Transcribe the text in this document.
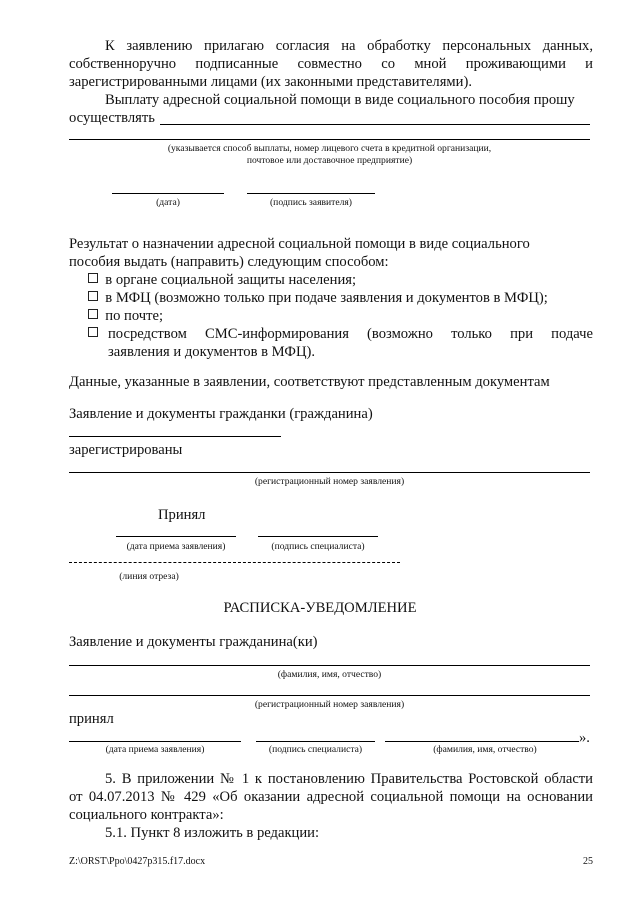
К заявлению прилагаю согласия на обработку персональных данных,
собственноручно подписанные совместно со мной проживающими и
зарегистрированными лицами (их законными представителями).
Выплату адресной социальной помощи в виде социального пособия прошу
осуществлять
(указывается способ выплаты, номер лицевого счета в кредитной организации,
почтовое или доставочное предприятие)
(дата)	(подпись заявителя)
Результат о назначении адресной социальной помощи в виде социального
пособия выдать (направить) следующим способом:
в органе социальной защиты населения;
в МФЦ (возможно только при подаче заявления и документов в МФЦ);
по почте;
посредством СМС-информирования (возможно только при подаче
заявления и документов в МФЦ).
Данные, указанные в заявлении, соответствуют представленным документам
Заявление и документы гражданки (гражданина)
зарегистрированы
(регистрационный номер заявления)
Принял
(дата приема заявления)	(подпись специалиста)
(линия отреза)
РАСПИСКА-УВЕДОМЛЕНИЕ
Заявление и документы гражданина(ки)
(фамилия, имя, отчество)
(регистрационный номер заявления)
принял
».
(дата приема заявления)	(подпись специалиста)	(фамилия, имя, отчество)
5. В приложении № 1 к постановлению Правительства Ростовской области
от 04.07.2013 № 429 «Об оказании адресной социальной помощи на основании
социального контракта»:
5.1. Пункт 8 изложить в редакции:
Z:\ORST\Ppo\0427p315.f17.docx	25
